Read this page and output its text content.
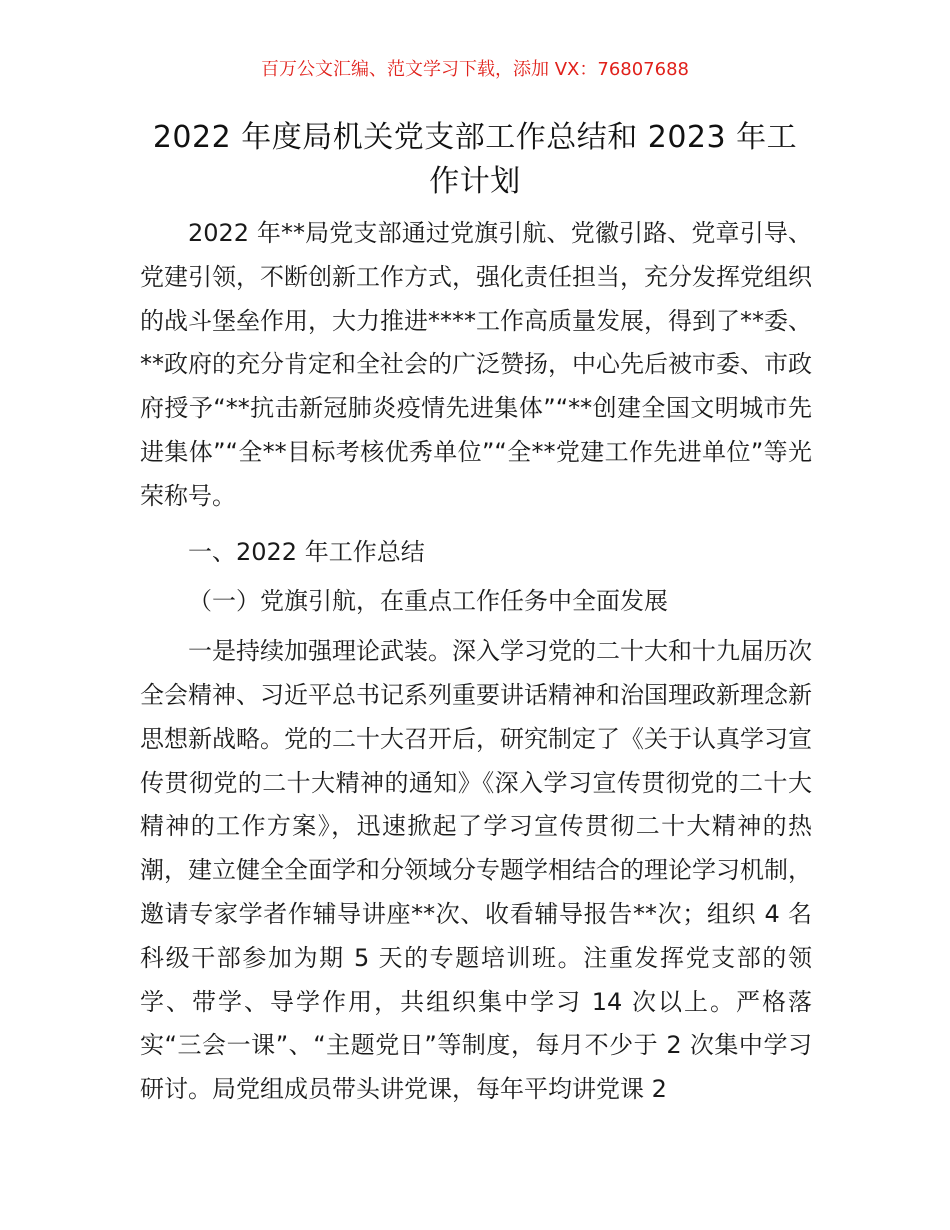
百万公文汇编、范文学习下载，添加 VX：76807688
2022 年度局机关党支部工作总结和 2023 年工作计划

2022 年**局党支部通过党旗引航、党徽引路、党章引导、党建引领，不断创新工作方式，强化责任担当，充分发挥党组织的战斗堡垒作用，大力推进****工作高质量发展，得到了**委、**政府的充分肯定和全社会的广泛赞扬，中心先后被市委、市政府授予“**抗击新冠肺炎疫情先进集体”“**创建全国文明城市先进集体”“全**目标考核优秀单位”“全**党建工作先进单位”等光荣称号。

一、2022 年工作总结

（一）党旗引航，在重点工作任务中全面发展

一是持续加强理论武装。深入学习党的二十大和十九届历次全会精神、习近平总书记系列重要讲话精神和治国理政新理念新思想新战略。党的二十大召开后，研究制定了《关于认真学习宣传贯彻党的二十大精神的通知》《深入学习宣传贯彻党的二十大精神的工作方案》，迅速掀起了学习宣传贯彻二十大精神的热潮，建立健全全面学和分领域分专题学相结合的理论学习机制，邀请专家学者作辅导讲座**次、收看辅导报告**次；组织 4 名科级干部参加为期 5 天的专题培训班。注重发挥党支部的领学、带学、导学作用，共组织集中学习 14 次以上。严格落实“三会一课”、“主题党日”等制度，每月不少于 2 次集中学习研讨。局党组成员带头讲党课，每年平均讲党课 2
